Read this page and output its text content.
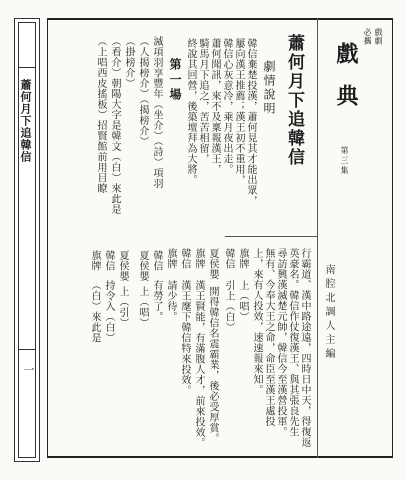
蕭何月下追韓信
一
戲劇
必攜
戲典
第三集
南腔北調人主編
蕭何月下追韓信
劇情說明
韓信棄楚投漢，蕭何見其才能出眾，
屢向漢王推薦；漢王初不重用，
韓信心灰意冷，乘月夜出走。
蕭何聞訊，來不及稟報漢王，
騎馬月下追之，苦苦相留，
終說其回營，後築壇拜為大將。
第一場
滅項羽享豐年（坐介）（詩）項羽
（人揭榜介）（揭榜介）
（掛榜介）
（看介）朝陽大字是韓文（白）來此是
（上唱西皮搖板）招賢館前用目瞭
行霸道、漢中路途遠，四時日中天，得復返
英豪名。韓信作仗復漢王、與其張良先生
尋訪興漢滅楚元帥，韓信今至漢營投軍。
無有、今奉大王之命，命臣至漢王處投
上，來有人投效，速速報來知。
旗牌
上（唱）
韓信
引上（白）
夏侯嬰
開得韓信名震霸業，後必受厚賞。
旗牌
漢王賢能，有滿腹人才，前來投效。
韓信
漢王麾下韓信特來投效。
旗牌
請少待。
韓信
有勞了。
夏侯嬰
上（唱）
夏侯嬰
上（引）
韓信
持令入（白）
旗牌
（白）來此是
